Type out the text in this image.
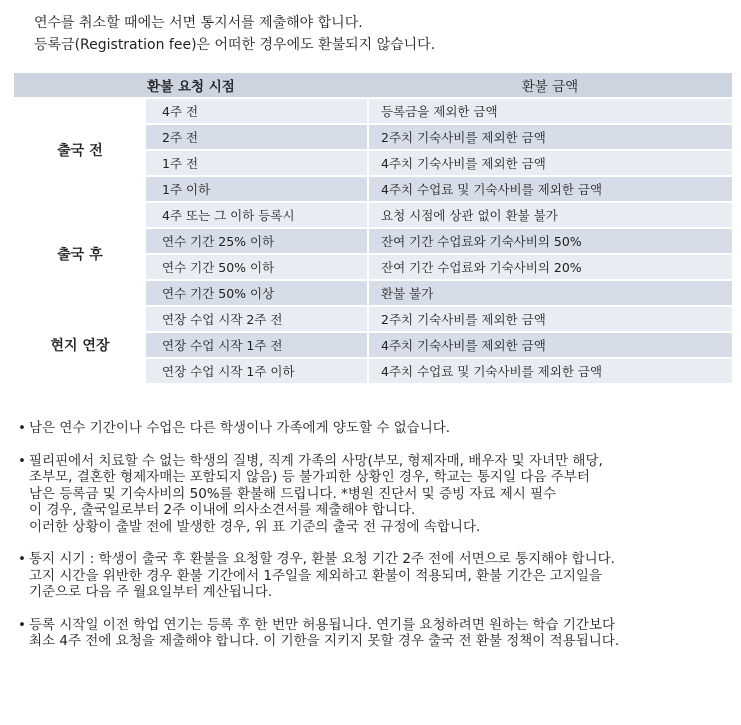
연수를 취소할 때에는 서면 통지서를 제출해야 합니다.
등록금(Registration fee)은 어떠한 경우에도 환불되지 않습니다.
환불 요청 시점		환불 금액
출국 전	4주 전	등록금을 제외한 금액
	2주 전	2주치 기숙사비를 제외한 금액
	1주 전	4주치 기숙사비를 제외한 금액
	1주 이하	4주치 수업료 및 기숙사비를 제외한 금액
출국 후	4주 또는 그 이하 등록시	요청 시점에 상관 없이 환불 불가
	연수 기간 25% 이하	잔여 기간 수업료와 기숙사비의 50%
	연수 기간 50% 이하	잔여 기간 수업료와 기숙사비의 20%
	연수 기간 50% 이상	환불 불가
현지 연장	연장 수업 시작 2주 전	2주치 기숙사비를 제외한 금액
	연장 수업 시작 1주 전	4주치 기숙사비를 제외한 금액
	연장 수업 시작 1주 이하	4주치 수업료 및 기숙사비를 제외한 금액
• 남은 연수 기간이나 수업은 다른 학생이나 가족에게 양도할 수 없습니다.
• 필리핀에서 치료할 수 없는 학생의 질병, 직계 가족의 사망(부모, 형제자매, 배우자 및 자녀만 해당,
조부모, 결혼한 형제자매는 포함되지 않음) 등 불가피한 상황인 경우, 학교는 통지일 다음 주부터
남은 등록금 및 기숙사비의 50%를 환불해 드립니다. *병원 진단서 및 증빙 자료 제시 필수
이 경우, 출국일로부터 2주 이내에 의사소견서를 제출해야 합니다.
이러한 상황이 출발 전에 발생한 경우, 위 표 기준의 출국 전 규정에 속합니다.
• 통지 시기 : 학생이 출국 후 환불을 요청할 경우, 환불 요청 기간 2주 전에 서면으로 통지해야 합니다.
고지 시간을 위반한 경우 환불 기간에서 1주일을 제외하고 환불이 적용되며, 환불 기간은 고지일을
기준으로 다음 주 월요일부터 계산됩니다.
• 등록 시작일 이전 학업 연기는 등록 후 한 번만 허용됩니다. 연기를 요청하려면 원하는 학습 기간보다
최소 4주 전에 요청을 제출해야 합니다. 이 기한을 지키지 못할 경우 출국 전 환불 정책이 적용됩니다.
